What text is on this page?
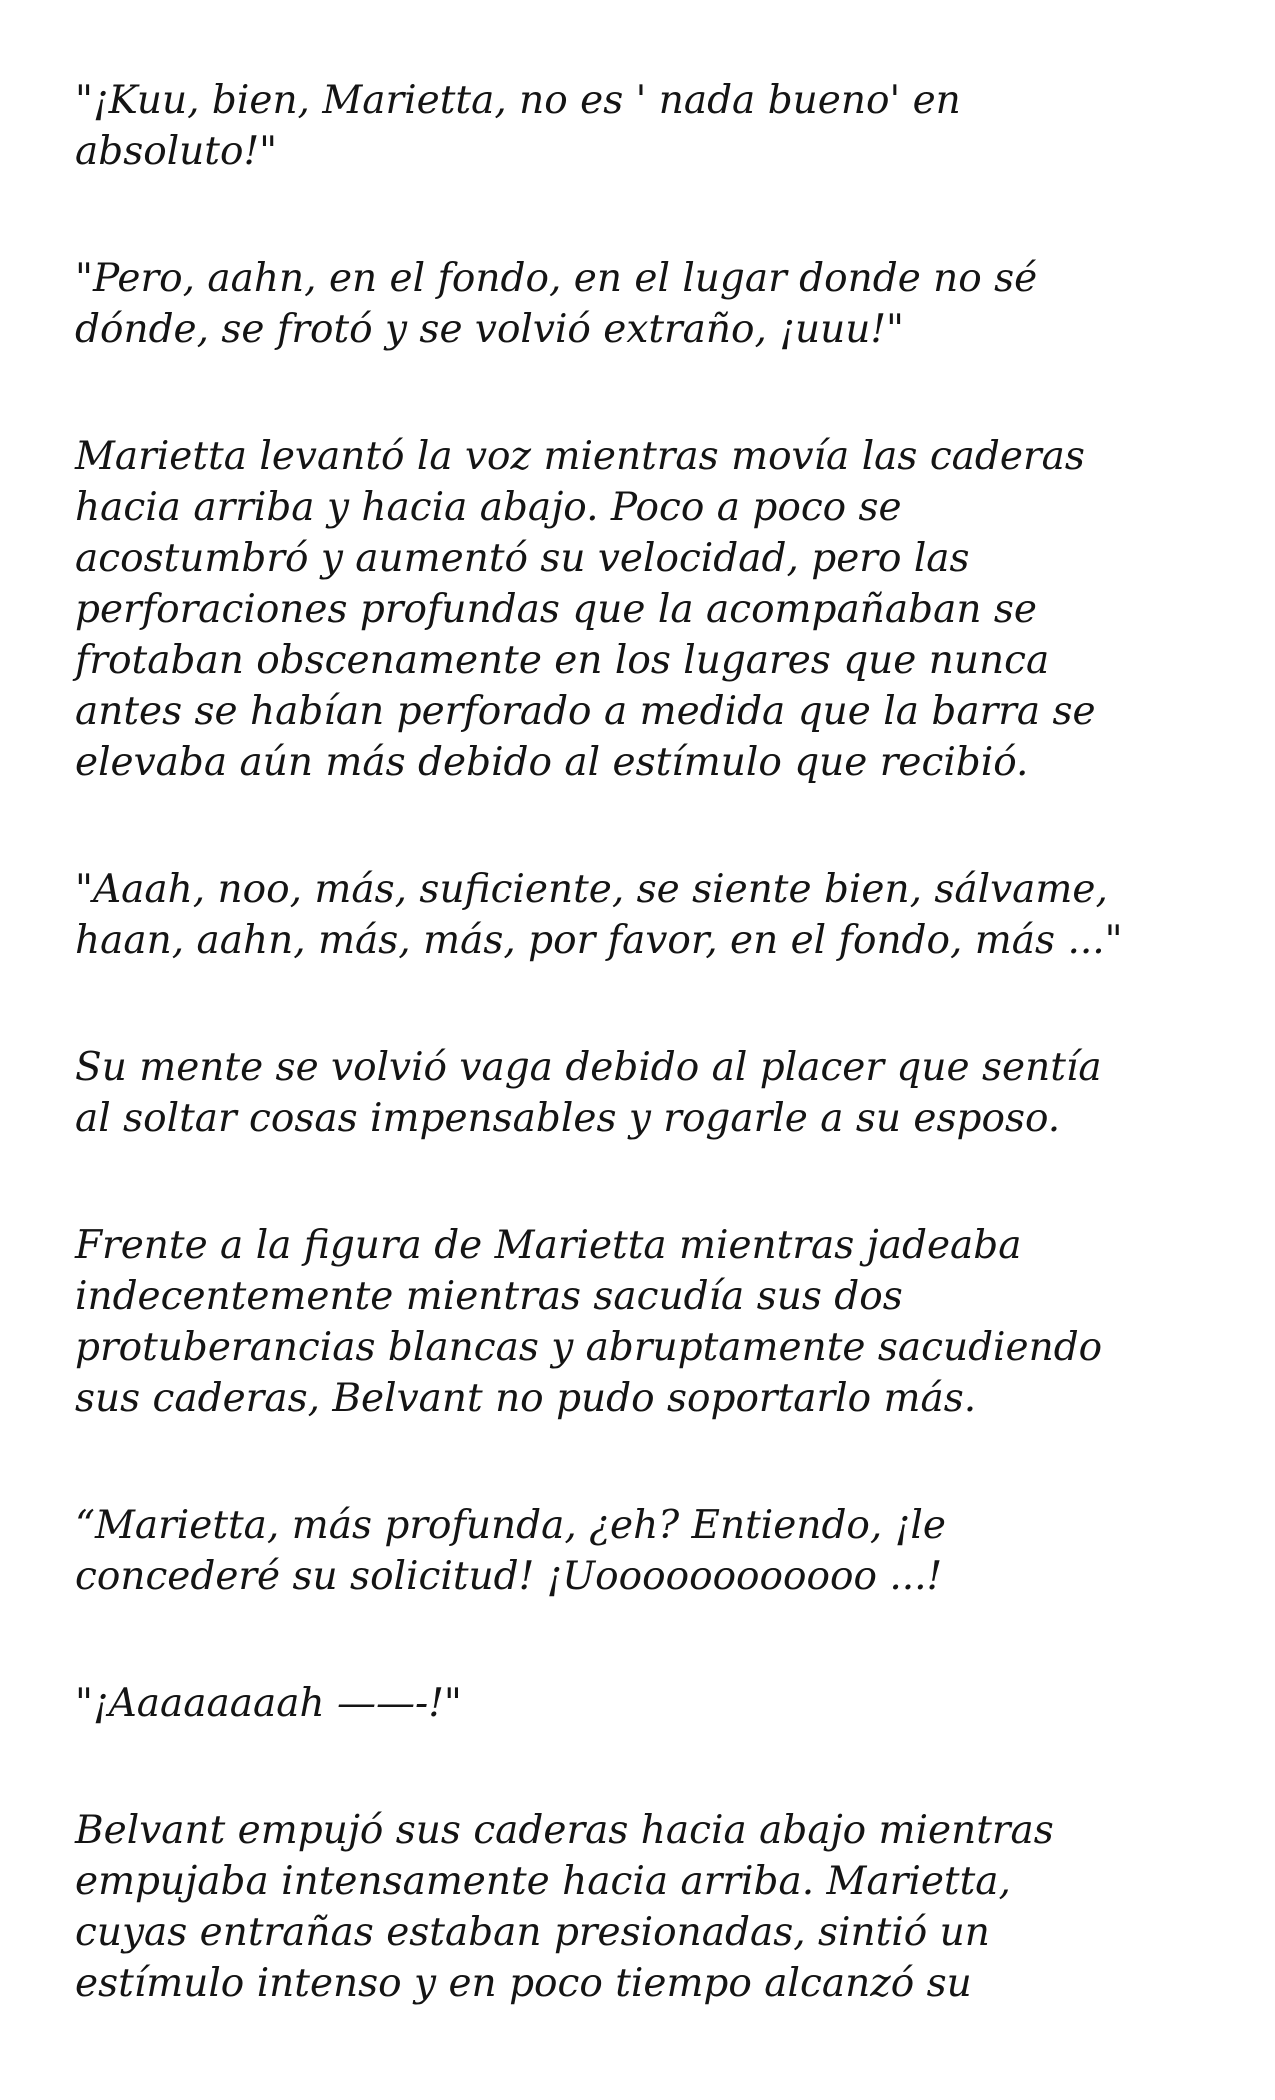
"¡Kuu, bien, Marietta, no es ' nada bueno' en
absoluto!"

"Pero, aahn, en el fondo, en el lugar donde no sé
dónde, se frotó y se volvió extraño, ¡uuu!"

Marietta levantó la voz mientras movía las caderas
hacia arriba y hacia abajo. Poco a poco se
acostumbró y aumentó su velocidad, pero las
perforaciones profundas que la acompañaban se
frotaban obscenamente en los lugares que nunca
antes se habían perforado a medida que la barra se
elevaba aún más debido al estímulo que recibió.

"Aaah, noo, más, suficiente, se siente bien, sálvame,
haan, aahn, más, más, por favor, en el fondo, más ..."

Su mente se volvió vaga debido al placer que sentía
al soltar cosas impensables y rogarle a su esposo.

Frente a la figura de Marietta mientras jadeaba
indecentemente mientras sacudía sus dos
protuberancias blancas y abruptamente sacudiendo
sus caderas, Belvant no pudo soportarlo más.

“Marietta, más profunda, ¿eh? Entiendo, ¡le
concederé su solicitud! ¡Uoooooooooooo ...!

"¡Aaaaaaaah ——-!"

Belvant empujó sus caderas hacia abajo mientras
empujaba intensamente hacia arriba. Marietta,
cuyas entrañas estaban presionadas, sintió un
estímulo intenso y en poco tiempo alcanzó su
